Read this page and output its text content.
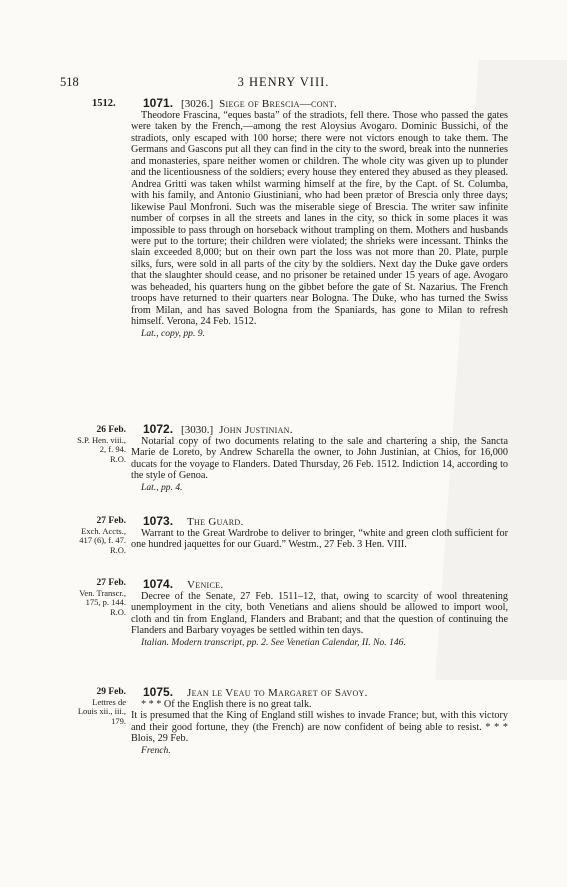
518	3 HENRY VIII.
1512.	1071. [3026.] Siege of Brescia—cont.

Theodore Frascina, “eques basta” of the stradiots, fell there. Those who passed the gates were taken by the French,—among the rest Aloysius Avogaro. Dominic Bussichi, of the stradiots, only escaped with 100 horse; there were not victors enough to take them. The Germans and Gascons put all they can find in the city to the sword, break into the nunneries and monasteries, spare neither women or children. The whole city was given up to plunder and the licentiousness of the soldiers; every house they entered they abused as they pleased. Andrea Gritti was taken whilst warming himself at the fire, by the Capt. of St. Columba, with his family, and Antonio Giustiniani, who had been prætor of Brescia only three days; likewise Paul Monfroni. Such was the miserable siege of Brescia. The writer saw infinite number of corpses in all the streets and lanes in the city, so thick in some places it was impossible to pass through on horseback without trampling on them. Mothers and husbands were put to the torture; their children were violated; the shrieks were incessant. Thinks the slain exceeded 8,000; but on their own part the loss was not more than 20. Plate, purple silks, furs, were sold in all parts of the city by the soldiers. Next day the Duke gave orders that the slaughter should cease, and no prisoner be retained under 15 years of age. Avogaro was beheaded, his quarters hung on the gibbet before the gate of St. Nazarius. The French troops have returned to their quarters near Bologna. The Duke, who has turned the Swiss from Milan, and has saved Bologna from the Spaniards, has gone to Milan to refresh himself. Verona, 24 Feb. 1512.

Lat., copy, pp. 9.

26 Feb.
S.P. Hen. viii.,
2, f. 94.
R.O.
1072. [3030.] John Justinian.

Notarial copy of two documents relating to the sale and chartering a ship, the Sancta Marie de Loreto, by Andrew Scharella the owner, to John Justinian, at Chios, for 16,000 ducats for the voyage to Flanders. Dated Thursday, 26 Feb. 1512. Indiction 14, according to the style of Genoa.

Lat., pp. 4.

27 Feb.
Exch. Accts.,
417 (6), f. 47.
R.O.
1073. The Guard.

Warrant to the Great Wardrobe to deliver to bringer, “white and green cloth sufficient for one hundred jaquettes for our Guard.” Westm., 27 Feb. 3 Hen. VIII.

27 Feb.
Ven. Transcr.,
175, p. 144.
R.O.
1074. Venice.

Decree of the Senate, 27 Feb. 1511–12, that, owing to scarcity of wool threatening unemployment in the city, both Venetians and aliens should be allowed to import wool, cloth and tin from England, Flanders and Brabant; and that the question of continuing the Flanders and Barbary voyages be settled within ten days.

Italian. Modern transcript, pp. 2. See Venetian Calendar, II. No. 146.

29 Feb.
Lettres de
Louis xii., iii.,
179.
1075. Jean le Veau to Margaret of Savoy.

* * * Of the English there is no great talk.

It is presumed that the King of England still wishes to invade France; but, with this victory and their good fortune, they (the French) are now confident of being able to resist. * * * Blois, 29 Feb.

French.
